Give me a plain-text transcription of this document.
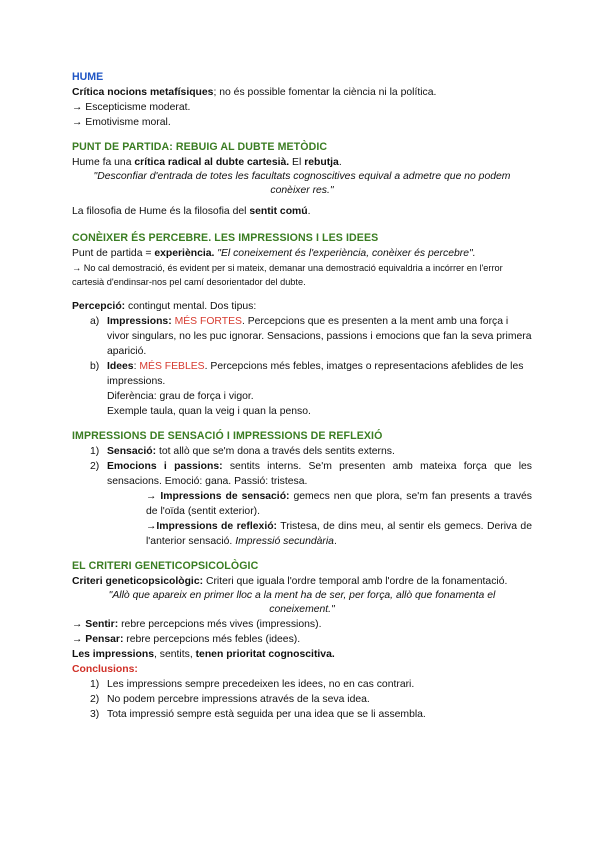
HUME

Crítica nocions metafísiques; no és possible fomentar la ciència ni la política.

→ Escepticisme moderat.

→ Emotivisme moral.

PUNT DE PARTIDA: REBUIG AL DUBTE METÒDIC

Hume fa una crítica radical al dubte cartesià. El rebutja.

"Desconfiar d'entrada de totes les facultats cognoscitives equival a admetre que no podem conèixer res."

La filosofia de Hume és la filosofia del sentit comú.

CONÈIXER ÉS PERCEBRE. LES IMPRESSIONS I LES IDEES

Punt de partida = experiència. "El coneixement és l'experiència, conèixer és percebre".

→ No cal demostració, és evident per si mateix, demanar una demostració equivaldria a incórrer en l'error cartesià d'endinsar-nos pel camí desorientador del dubte.

Percepció: contingut mental. Dos tipus:

a) Impressions: MÉS FORTES. Percepcions que es presenten a la ment amb una força i vivor singulars, no les puc ignorar. Sensacions, passions i emocions que fan la seva primera aparició.
b) Idees: MÉS FEBLES. Percepcions més febles, imatges o representacions afeblides de les impressions.
Diferència: grau de força i vigor.
Exemple taula, quan la veig i quan la penso.

IMPRESSIONS DE SENSACIÓ I IMPRESSIONS DE REFLEXIÓ

1) Sensació: tot allò que se'm dona a través dels sentits externs.
2) Emocions i passions: sentits interns. Se'm presenten amb mateixa força que les sensacions. Emoció: gana. Passió: tristesa.
→ Impressions de sensació: gemecs nen que plora, se'm fan presents a través de l'oïda (sentit exterior).
→Impressions de reflexió: Tristesa, de dins meu, al sentir els gemecs. Deriva de l'anterior sensació. Impressió secundària.

EL CRITERI GENETICOPSICOLÒGIC

Criteri geneticopsicològic: Criteri que iguala l'ordre temporal amb l'ordre de la fonamentació.

"Allò que apareix en primer lloc a la ment ha de ser, per força, allò que fonamenta el coneixement."

→ Sentir: rebre percepcions més vives (impressions).

→ Pensar: rebre percepcions més febles (idees).

Les impressions, sentits, tenen prioritat cognoscitiva.

Conclusions:

1) Les impressions sempre precedeixen les idees, no en cas contrari.
2) No podem percebre impressions através de la seva idea.
3) Tota impressió sempre està seguida per una idea que se li assembla.
